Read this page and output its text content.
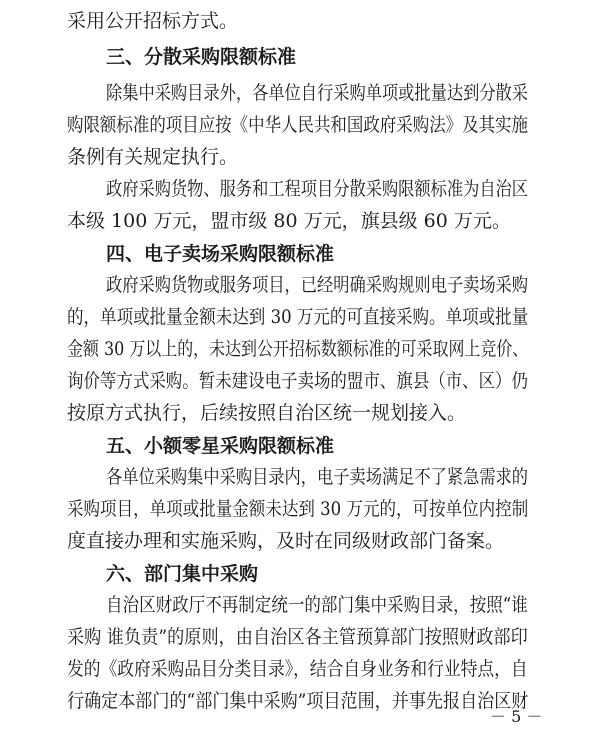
采用公开招标方式。
三、分散采购限额标准
除集中采购目录外，各单位自行采购单项或批量达到分散采
购限额标准的项目应按《中华人民共和国政府采购法》及其实施
条例有关规定执行。
政府采购货物、服务和工程项目分散采购限额标准为自治区
本级 100 万元，盟市级 80 万元，旗县级 60 万元。
四、电子卖场采购限额标准
政府采购货物或服务项目，已经明确采购规则电子卖场采购
的，单项或批量金额未达到 30 万元的可直接采购。单项或批量
金额 30 万以上的，未达到公开招标数额标准的可采取网上竞价、
询价等方式采购。暂未建设电子卖场的盟市、旗县（市、区）仍
按原方式执行，后续按照自治区统一规划接入。
五、小额零星采购限额标准
各单位采购集中采购目录内，电子卖场满足不了紧急需求的
采购项目，单项或批量金额未达到 30 万元的，可按单位内控制
度直接办理和实施采购，及时在同级财政部门备案。
六、部门集中采购
自治区财政厅不再制定统一的部门集中采购目录，按照“谁
采购 谁负责”的原则，由自治区各主管预算部门按照财政部印
发的《政府采购品目分类目录》，结合自身业务和行业特点，自
行确定本部门的“部门集中采购”项目范围，并事先报自治区财
－ 5 －
